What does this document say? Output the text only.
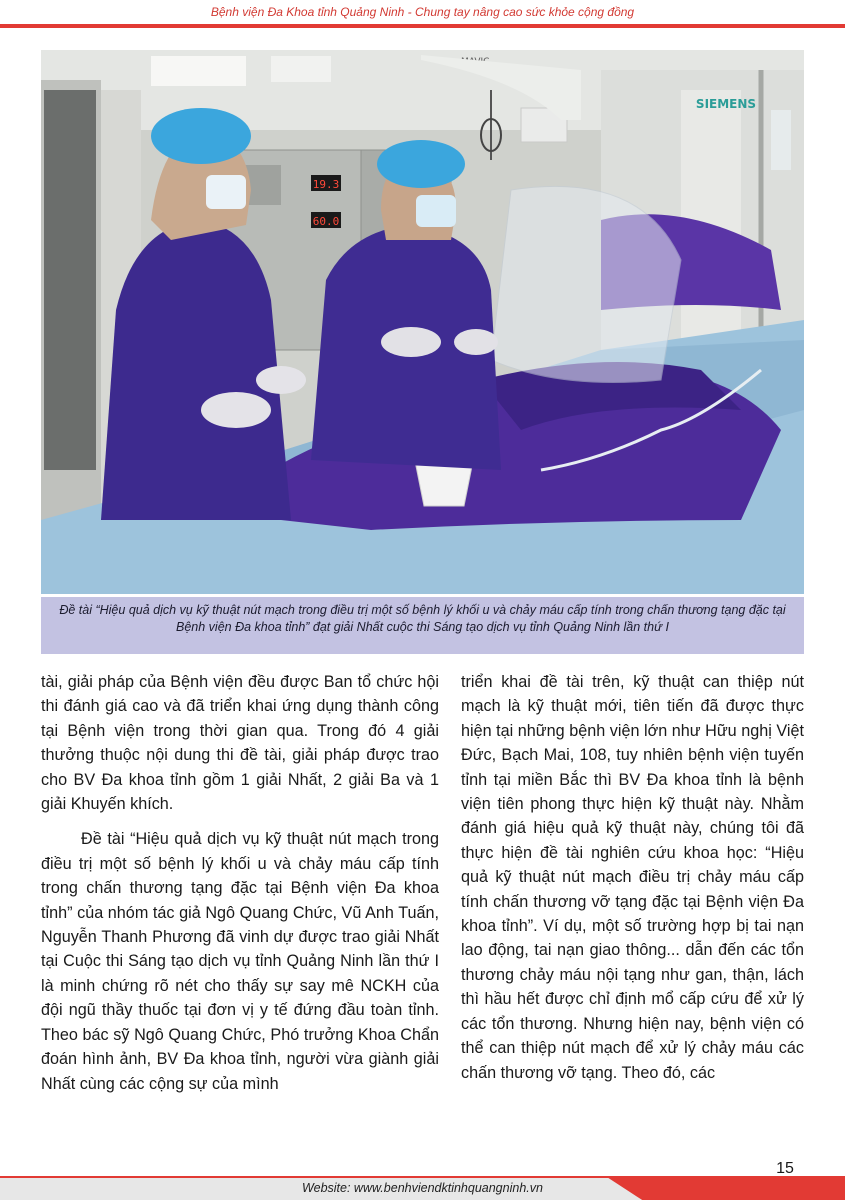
Bệnh viện Đa Khoa tỉnh Quảng Ninh - Chung tay nâng cao sức khỏe cộng đồng
19.3
60.0
SIEMENS
Đề tài “Hiệu quả dịch vụ kỹ thuật nút mạch trong điều trị một số bệnh lý khối u và chảy máu cấp tính trong chấn thương tạng đặc tại Bệnh viện Đa khoa tỉnh” đạt giải Nhất cuộc thi Sáng tạo dịch vụ tỉnh Quảng Ninh lần thứ I

tài, giải pháp của Bệnh viện đều được Ban tổ chức hội thi đánh giá cao và đã triển khai ứng dụng thành công tại Bệnh viện trong thời gian qua. Trong đó 4 giải thưởng thuộc nội dung thi đề tài, giải pháp được trao cho BV Đa khoa tỉnh gồm 1 giải Nhất, 2 giải Ba và 1 giải Khuyến khích.

Đề tài “Hiệu quả dịch vụ kỹ thuật nút mạch trong điều trị một số bệnh lý khối u và chảy máu cấp tính trong chấn thương tạng đặc tại Bệnh viện Đa khoa tỉnh” của nhóm tác giả Ngô Quang Chức, Vũ Anh Tuấn, Nguyễn Thanh Phương đã vinh dự được trao giải Nhất tại Cuộc thi Sáng tạo dịch vụ tỉnh Quảng Ninh lần thứ I là minh chứng rõ nét cho thấy sự say mê NCKH của đội ngũ thầy thuốc tại đơn vị y tế đứng đầu toàn tỉnh. Theo bác sỹ Ngô Quang Chức, Phó trưởng Khoa Chẩn đoán hình ảnh, BV Đa khoa tỉnh, người vừa giành giải Nhất cùng các cộng sự của mình

triển khai đề tài trên, kỹ thuật can thiệp nút mạch là kỹ thuật mới, tiên tiến đã được thực hiện tại những bệnh viện lớn như Hữu nghị Việt Đức, Bạch Mai, 108, tuy nhiên bệnh viện tuyến tỉnh tại miền Bắc thì BV Đa khoa tỉnh là bệnh viện tiên phong thực hiện kỹ thuật này. Nhằm đánh giá hiệu quả kỹ thuật này, chúng tôi đã thực hiện đề tài nghiên cứu khoa học: “Hiệu quả kỹ thuật nút mạch điều trị chảy máu cấp tính chấn thương vỡ tạng đặc tại Bệnh viện Đa khoa tỉnh”. Ví dụ, một số trường hợp bị tai nạn lao động, tai nạn giao thông... dẫn đến các tổn thương chảy máu nội tạng như gan, thận, lách thì hầu hết được chỉ định mổ cấp cứu để xử lý các tổn thương. Nhưng hiện nay, bệnh viện có thể can thiệp nút mạch để xử lý chảy máu các chấn thương vỡ tạng. Theo đó, các

15
Website: www.benhviendktinhquangninh.vn
